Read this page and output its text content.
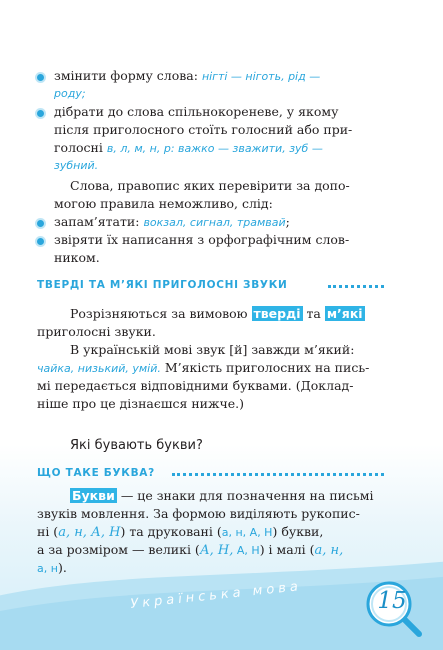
змінити форму слова: нігті — ніготь, рід —
роду;
дібрати до слова спільнокореневе, у якому
після приголосного стоїть голосний або при-
голосні в, л, м, н, р: важко — зважити, зуб —
зубний.
Слова, правопис яких перевірити за допо-
могою правила неможливо, слід:
запам’ятати: вокзал, сигнал, трамвай;
звіряти їх написання з орфографічним слов-
ником.
ТВЕРДІ ТА М’ЯКІ ПРИГОЛОСНІ ЗВУКИ
Розрізняються за вимовою тверді та м’які
приголосні звуки.
В українській мові звук [й] завжди м’який:
чайка, низький, умій. М’якість приголосних на пись-
мі передається відповідними буквами. (Доклад-
ніше про це дізнаєшся нижче.)
Які бувають букви?
ЩО ТАКЕ БУКВА?
Букви — це знаки для позначення на письмі
звуків мовлення. За формою виділяють рукопис-
ні (а, н, А, Н) та друковані (а, н, А, Н) букви,
а за розміром — великі (А, Н, А, Н) і малі (а, н,
а, н).
Українська мова	15
